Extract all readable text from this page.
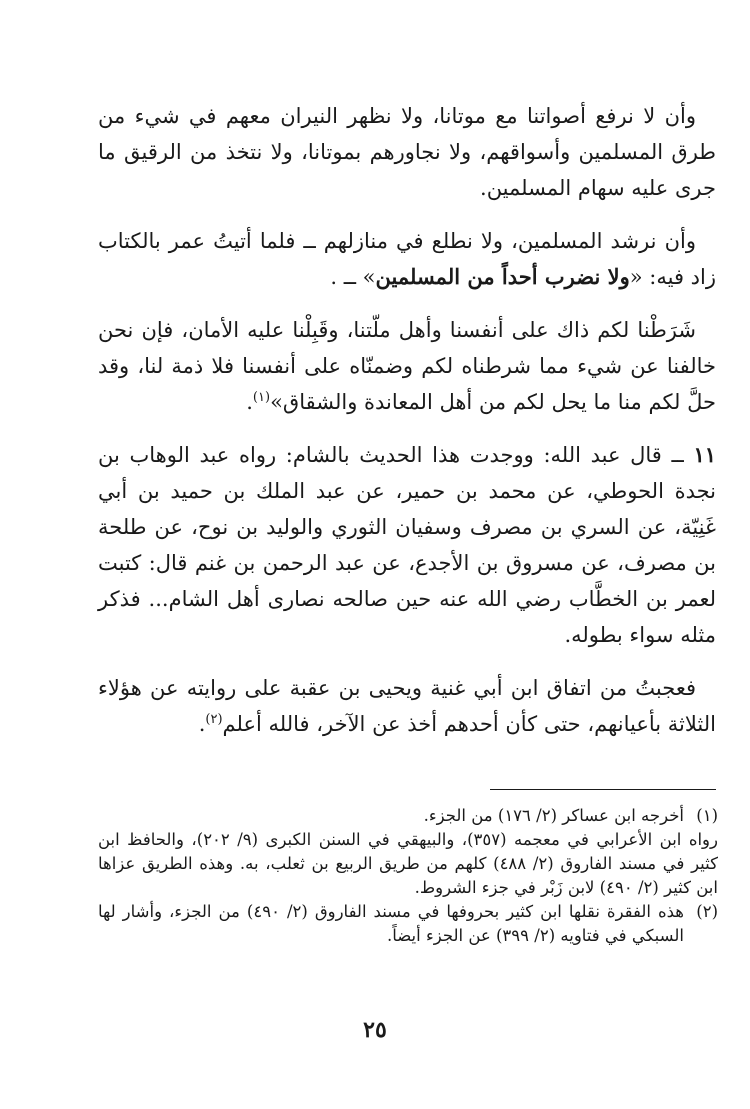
وأن لا نرفع أصواتنا مع موتانا، ولا نظهر النيران معهم في شيء من طرق المسلمين وأسواقهم، ولا نجاورهم بموتانا، ولا نتخذ من الرقيق ما جرى عليه سهام المسلمين.

وأن نرشد المسلمين، ولا نطلع في منازلهم ــ فلما أتيتُ عمر بالكتاب زاد فيه: «ولا نضرب أحداً من المسلمين» ــ .

شَرَطْنا لكم ذاك على أنفسنا وأهل ملّتنا، وقَبِلْنا عليه الأمان، فإن نحن خالفنا عن شيء مما شرطناه لكم وضمنّاه على أنفسنا فلا ذمة لنا، وقد حلَّ لكم منا ما يحل لكم من أهل المعاندة والشقاق»$^{(١)}$.

١١ ــ قال عبد الله: ووجدت هذا الحديث بالشام: رواه عبد الوهاب بن نجدة الحوطي، عن محمد بن حمير، عن عبد الملك بن حميد بن أبي غَنِيّة، عن السري بن مصرف وسفيان الثوري والوليد بن نوح، عن طلحة بن مصرف، عن مسروق بن الأجدع، عن عبد الرحمن بن غنم قال: كتبت لعمر بن الخطَّاب رضي الله عنه حين صالحه نصارى أهل الشام... فذكر مثله سواء بطوله.

فعجبتُ من اتفاق ابن أبي غنية ويحيى بن عقبة على روايته عن هؤلاء الثلاثة بأعيانهم، حتى كأن أحدهم أخذ عن الآخر، فالله أعلم$^{(٢)}$.

(١)
أخرجه ابن عساكر (٢/ ١٧٦) من الجزء.

رواه ابن الأعرابي في معجمه (٣٥٧)، والبيهقي في السنن الكبرى (٩/ ٢٠٢)، والحافظ ابن كثير في مسند الفاروق (٢/ ٤٨٨) كلهم من طريق الربيع بن ثعلب، به. وهذه الطريق عزاها ابن كثير (٢/ ٤٩٠) لابن زَبْر في جزء الشروط.

(٢)
هذه الفقرة نقلها ابن كثير بحروفها في مسند الفاروق (٢/ ٤٩٠) من الجزء، وأشار لها السبكي في فتاويه (٢/ ٣٩٩) عن الجزء أيضاً.
٢٥
